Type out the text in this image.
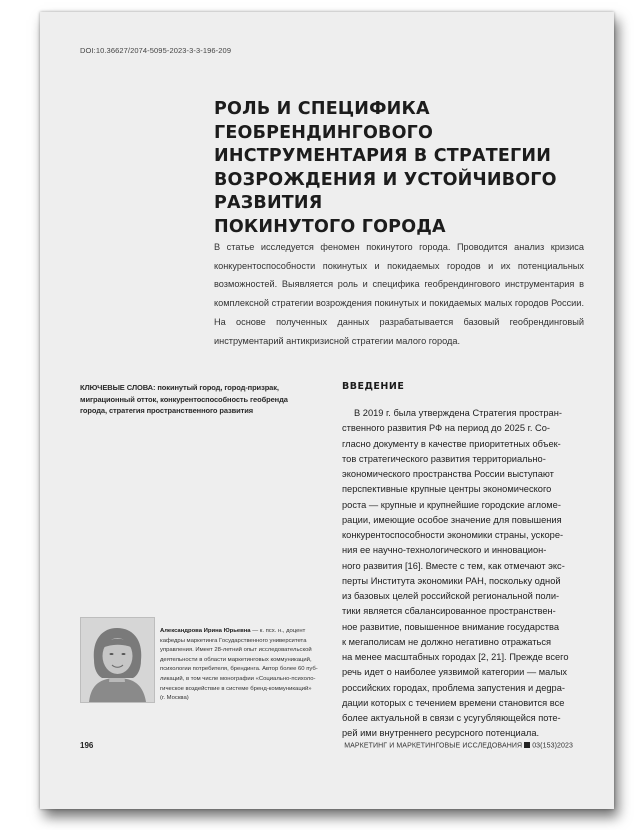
DOI:10.36627/2074-5095-2023-3-3-196-209
РОЛЬ И СПЕЦИФИКА ГЕОБРЕНДИНГОВОГО
ИНСТРУМЕНТАРИЯ В СТРАТЕГИИ
ВОЗРОЖДЕНИЯ И УСТОЙЧИВОГО РАЗВИТИЯ
ПОКИНУТОГО ГОРОДА

В статье исследуется феномен покинутого города. Проводится анализ кризиса конкурентоспособности покинутых и покидаемых городов и их потенциальных возможностей. Выявляется роль и специфика геобрендингового инструментария в комплексной стратегии возрождения покинутых и покидаемых малых городов России. На основе полученных данных разрабатывается базовый геобрендинговый инструментарий антикризисной стратегии малого города.

КЛЮЧЕВЫЕ СЛОВА: покинутый город, город-призрак, миграционный отток, конкурентоспособность геобренда города, стратегия пространственного развития

ВВЕДЕНИЕ
В 2019 г. была утверждена Стратегия простран-
ственного развития РФ на период до 2025 г. Со-
гласно документу в качестве приоритетных объек-
тов стратегического развития территориально-
экономического пространства России выступают
перспективные крупные центры экономического
роста — крупные и крупнейшие городские агломе-
рации, имеющие особое значение для повышения
конкурентоспособности экономики страны, ускоре-
ния ее научно-технологического и инновацион-
ного развития [16]. Вместе с тем, как отмечают экс-
перты Института экономики РАН, поскольку одной
из базовых целей российской региональной поли-
тики является сбалансированное пространствен-
ное развитие, повышенное внимание государства
к мегаполисам не должно негативно отражаться
на менее масштабных городах [2, 21]. Прежде всего
речь идет о наиболее уязвимой категории — малых
российских городах, проблема запустения и деgра-
дации которых с течением времени становится все
более актуальной в связи с усугубляющейся поте-
рей ими внутреннего ресурсного потенциала.

Александрова Ирина Юрьевна — к. псх. н., доцент
кафедры маркетинга Государственного университета
управления. Имеет 28-летний опыт исследовательской
деятельности в области маркетинговых коммуникаций,
психологии потребителя, брендинга. Автор более 60 пуб-
ликаций, в том числе монографии «Социально-психоло-
гическое воздействие в системе бренд-коммуникаций»
(г. Москва)

196	МАРКЕТИНГ И МАРКЕТИНГОВЫЕ ИССЛЕДОВАНИЯ 03(153)2023
